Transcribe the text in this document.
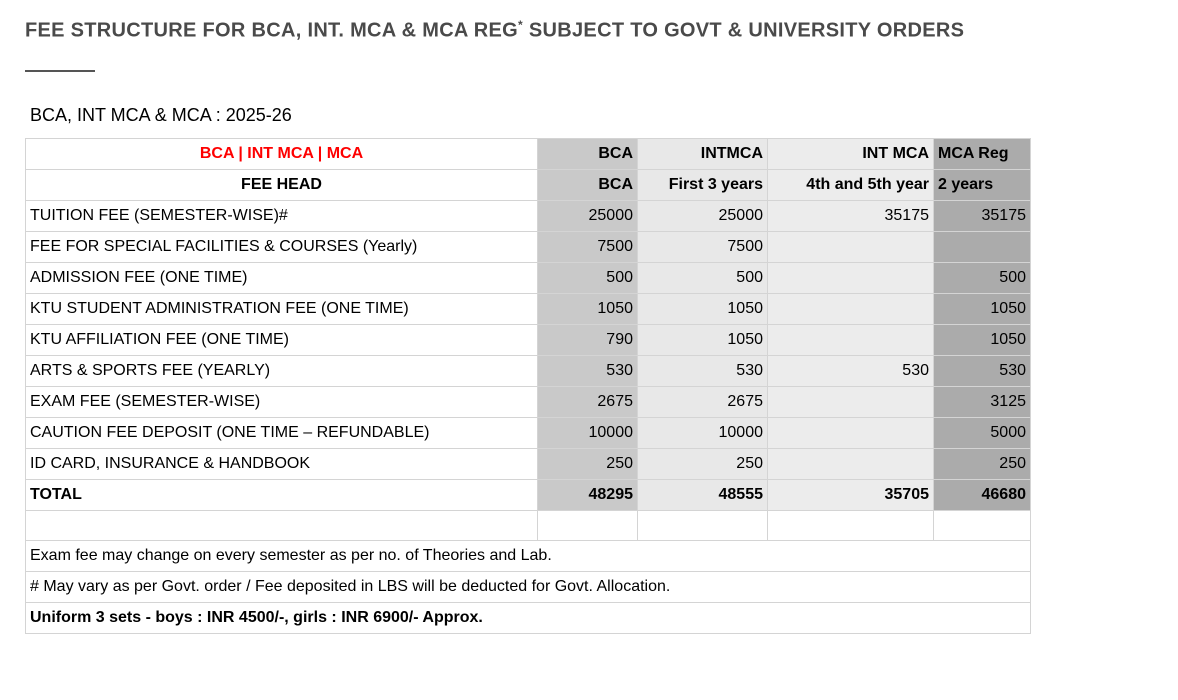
FEE STRUCTURE FOR BCA, INT. MCA & MCA REG* SUBJECT TO GOVT & UNIVERSITY ORDERS
BCA, INT MCA & MCA : 2025-26
BCA | INT MCA | MCA	BCA	INTMCA	INT MCA	MCA Reg
FEE HEAD	BCA	First 3 years	4th and 5th year	2 years
TUITION FEE (SEMESTER-WISE)#	25000	25000	35175	35175
FEE FOR SPECIAL FACILITIES & COURSES (Yearly)	7500	7500		
ADMISSION FEE (ONE TIME)	500	500		500
KTU STUDENT ADMINISTRATION FEE (ONE TIME)	1050	1050		1050
KTU AFFILIATION FEE (ONE TIME)	790	1050		1050
ARTS & SPORTS FEE (YEARLY)	530	530	530	530
EXAM FEE (SEMESTER-WISE)	2675	2675		3125
CAUTION FEE DEPOSIT (ONE TIME – REFUNDABLE)	10000	10000		5000
ID CARD, INSURANCE & HANDBOOK	250	250		250
TOTAL	48295	48555	35705	46680

Exam fee may change on every semester as per no. of Theories and Lab.				
# May vary as per Govt. order / Fee deposited in LBS will be deducted for Govt. Allocation.				
Uniform 3 sets - boys : INR 4500/-, girls : INR 6900/- Approx.				
